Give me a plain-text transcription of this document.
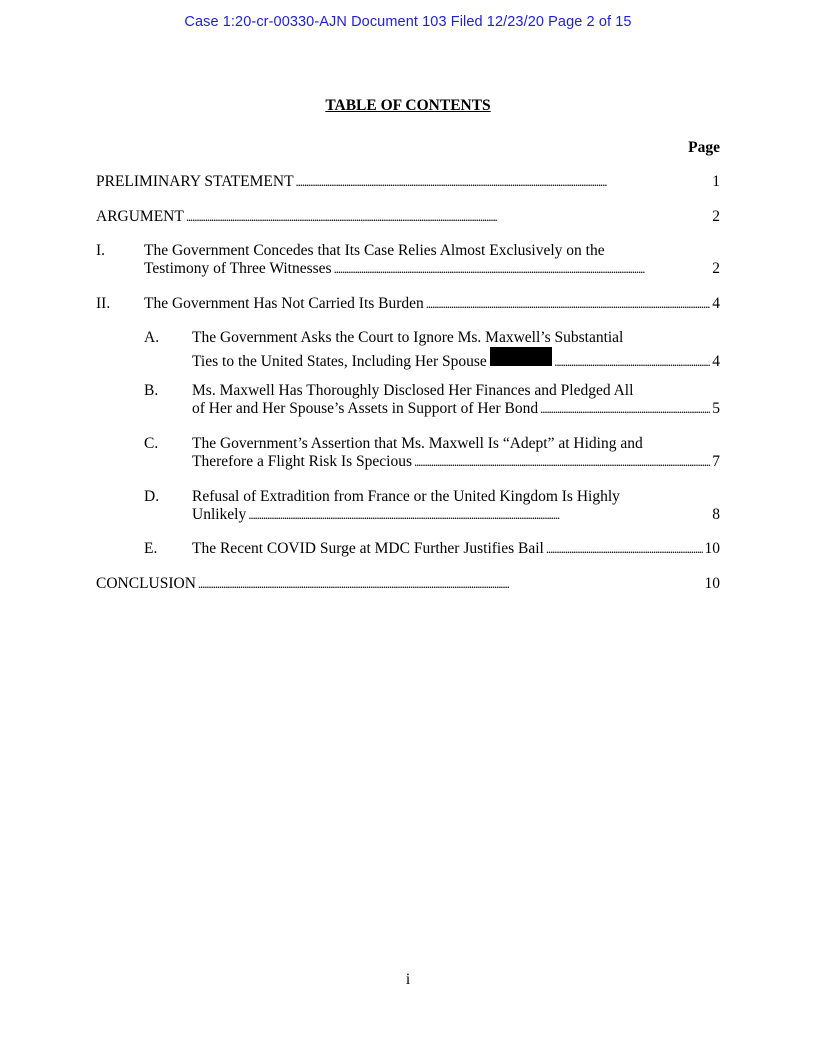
Case 1:20-cr-00330-AJN Document 103 Filed 12/23/20 Page 2 of 15
TABLE OF CONTENTS
Page
PRELIMINARY STATEMENT . . .	1
ARGUMENT . . .	2
I.	The Government Concedes that Its Case Relies Almost Exclusively on the
Testimony of Three Witnesses . . .	2
II. The Government Has Not Carried Its Burden . . .	4
A. The Government Asks the Court to Ignore Ms. Maxwell’s Substantial
Ties to the United States, Including Her Spouse . . .	4
B. Ms. Maxwell Has Thoroughly Disclosed Her Finances and Pledged All
of Her and Her Spouse’s Assets in Support of Her Bond . . .	5
C. The Government’s Assertion that Ms. Maxwell Is “Adept” at Hiding and
Therefore a Flight Risk Is Specious . . .	7
D. Refusal of Extradition from France or the United Kingdom Is Highly
Unlikely . . .	8
E. The Recent COVID Surge at MDC Further Justifies Bail . . .	10
CONCLUSION . . .	10
i
